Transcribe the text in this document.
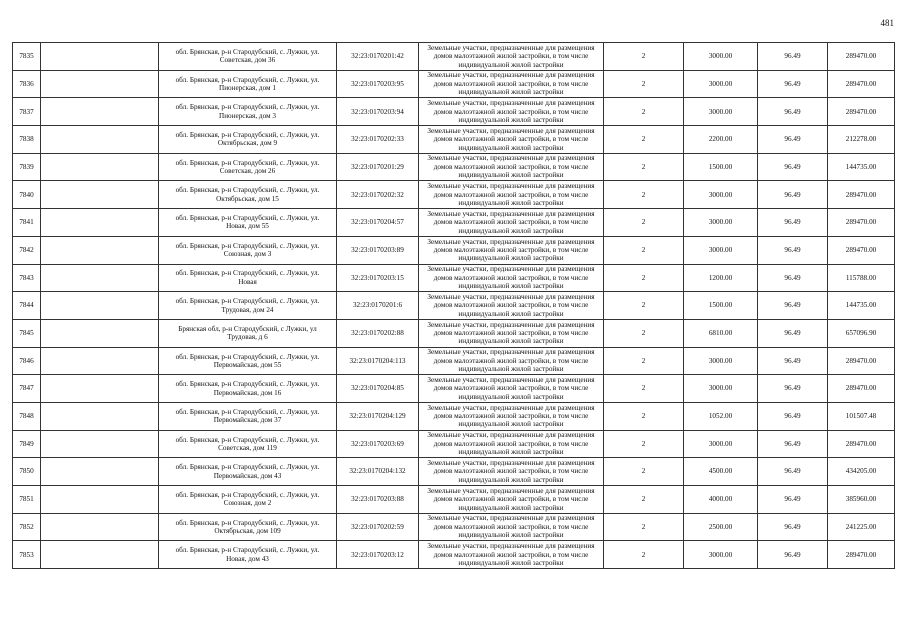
481
7835		обл. Брянская, р-н Стародубский, с. Лужки, ул.
Советская, дом 36	32:23:0170201:42	Земельные участки, предназначенные для размещения
домов малоэтажной жилой застройки, в том числе
индивидуальной жилой застройки	2	3000.00	96.49	289470.00
7836		обл. Брянская, р-н Стародубский, с. Лужки, ул.
Пионерская, дом 1	32:23:0170203:95	Земельные участки, предназначенные для размещения
домов малоэтажной жилой застройки, в том числе
индивидуальной жилой застройки	2	3000.00	96.49	289470.00
7837		обл. Брянская, р-н Стародубский, с. Лужки, ул.
Пионерская, дом 3	32:23:0170203:94	Земельные участки, предназначенные для размещения
домов малоэтажной жилой застройки, в том числе
индивидуальной жилой застройки	2	3000.00	96.49	289470.00
7838		обл. Брянская, р-н Стародубский, с. Лужки, ул.
Октябрьская, дом 9	32:23:0170202:33	Земельные участки, предназначенные для размещения
домов малоэтажной жилой застройки, в том числе
индивидуальной жилой застройки	2	2200.00	96.49	212278.00
7839		обл. Брянская, р-н Стародубский, с. Лужки, ул.
Советская, дом 26	32:23:0170201:29	Земельные участки, предназначенные для размещения
домов малоэтажной жилой застройки, в том числе
индивидуальной жилой застройки	2	1500.00	96.49	144735.00
7840		обл. Брянская, р-н Стародубский, с. Лужки, ул.
Октябрьская, дом 15	32:23:0170202:32	Земельные участки, предназначенные для размещения
домов малоэтажной жилой застройки, в том числе
индивидуальной жилой застройки	2	3000.00	96.49	289470.00
7841		обл. Брянская, р-н Стародубский, с. Лужки, ул.
Новая, дом 55	32:23:0170204:57	Земельные участки, предназначенные для размещения
домов малоэтажной жилой застройки, в том числе
индивидуальной жилой застройки	2	3000.00	96.49	289470.00
7842		обл. Брянская, р-н Стародубский, с. Лужки, ул.
Союзная, дом 3	32:23:0170203:89	Земельные участки, предназначенные для размещения
домов малоэтажной жилой застройки, в том числе
индивидуальной жилой застройки	2	3000.00	96.49	289470.00
7843		обл. Брянская, р-н Стародубский, с. Лужки, ул.
Новая	32:23:0170203:15	Земельные участки, предназначенные для размещения
домов малоэтажной жилой застройки, в том числе
индивидуальной жилой застройки	2	1200.00	96.49	115788.00
7844		обл. Брянская, р-н Стародубский, с. Лужки, ул.
Трудовая, дом 24	32:23:0170201:6	Земельные участки, предназначенные для размещения
домов малоэтажной жилой застройки, в том числе
индивидуальной жилой застройки	2	1500.00	96.49	144735.00
7845		Брянская обл, р-н Стародубский, с Лужки, ул
Трудовая, д 6	32:23:0170202:88	Земельные участки, предназначенные для размещения
домов малоэтажной жилой застройки, в том числе
индивидуальной жилой застройки	2	6810.00	96.49	657096.90
7846		обл. Брянская, р-н Стародубский, с. Лужки, ул.
Первомайская, дом 55	32:23:0170204:113	Земельные участки, предназначенные для размещения
домов малоэтажной жилой застройки, в том числе
индивидуальной жилой застройки	2	3000.00	96.49	289470.00
7847		обл. Брянская, р-н Стародубский, с. Лужки, ул.
Первомайская, дом 16	32:23:0170204:85	Земельные участки, предназначенные для размещения
домов малоэтажной жилой застройки, в том числе
индивидуальной жилой застройки	2	3000.00	96.49	289470.00
7848		обл. Брянская, р-н Стародубский, с. Лужки, ул.
Первомайская, дом 37	32:23:0170204:129	Земельные участки, предназначенные для размещения
домов малоэтажной жилой застройки, в том числе
индивидуальной жилой застройки	2	1052.00	96.49	101507.48
7849		обл. Брянская, р-н Стародубский, с. Лужки, ул.
Советская, дом 119	32:23:0170203:69	Земельные участки, предназначенные для размещения
домов малоэтажной жилой застройки, в том числе
индивидуальной жилой застройки	2	3000.00	96.49	289470.00
7850		обл. Брянская, р-н Стародубский, с. Лужки, ул.
Первомайская, дом 43	32:23:0170204:132	Земельные участки, предназначенные для размещения
домов малоэтажной жилой застройки, в том числе
индивидуальной жилой застройки	2	4500.00	96.49	434205.00
7851		обл. Брянская, р-н Стародубский, с. Лужки, ул.
Союзная, дом 2	32:23:0170203:88	Земельные участки, предназначенные для размещения
домов малоэтажной жилой застройки, в том числе
индивидуальной жилой застройки	2	4000.00	96.49	385960.00
7852		обл. Брянская, р-н Стародубский, с. Лужки, ул.
Октябрьская, дом 109	32:23:0170202:59	Земельные участки, предназначенные для размещения
домов малоэтажной жилой застройки, в том числе
индивидуальной жилой застройки	2	2500.00	96.49	241225.00
7853		обл. Брянская, р-н Стародубский, с. Лужки, ул.
Новая, дом 43	32:23:0170203:12	Земельные участки, предназначенные для размещения
домов малоэтажной жилой застройки, в том числе
индивидуальной жилой застройки	2	3000.00	96.49	289470.00
